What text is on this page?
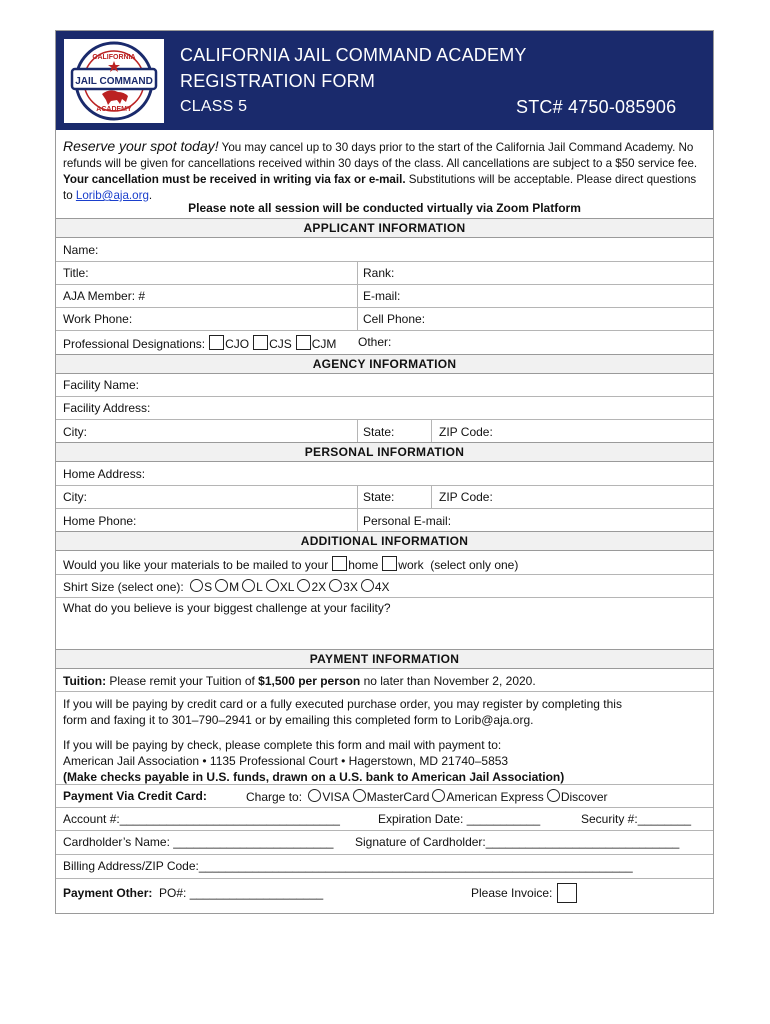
JAIL COMMAND
CALIFORNIA
ACADEMY
CALIFORNIA JAIL COMMAND ACADEMY
REGISTRATION FORM
CLASS 5	STC# 4750-085906
Reserve your spot today! You may cancel up to 30 days prior to the start of the California Jail Command Academy. No refunds will be given for cancellations received within 30 days of the class. All cancellations are subject to a $50 service fee. Your cancellation must be received in writing via fax or e-mail. Substitutions will be acceptable. Please direct questions to Lorib@aja.org.
Please note all session will be conducted virtually via Zoom Platform
APPLICANT INFORMATION
Name:
Title:	Rank:
AJA Member: #	E-mail:
Work Phone:	Cell Phone:
Professional Designations: CJO CJS CJM Other:
AGENCY INFORMATION
Facility Name:
Facility Address:
City:	State:	ZIP Code:
PERSONAL INFORMATION
Home Address:
City:	State:	ZIP Code:
Home Phone:	Personal E-mail:
ADDITIONAL INFORMATION
Would you like your materials to be mailed to your home work (select only one)
Shirt Size (select one): S M L XL 2X 3X 4X
What do you believe is your biggest challenge at your facility?
PAYMENT INFORMATION
Tuition: Please remit your Tuition of $1,500 per person no later than November 2, 2020.
If you will be paying by credit card or a fully executed purchase order, you may register by completing this
form and faxing it to 301–790–2941 or by emailing this completed form to Lorib@aja.org.
If you will be paying by check, please complete this form and mail with payment to:
American Jail Association • 1135 Professional Court • Hagerstown, MD 21740–5853
(Make checks payable in U.S. funds, drawn on a U.S. bank to American Jail Association)
Payment Via Credit Card:	Charge to: VISA MasterCard American Express Discover
Account #:_________________________________	Expiration Date: ___________	Security #:________
Cardholder’s Name: ________________________ Signature of Cardholder:_____________________________
Billing Address/ZIP Code:_________________________________________________________________
Payment Other: PO#: ____________________	Please Invoice:
